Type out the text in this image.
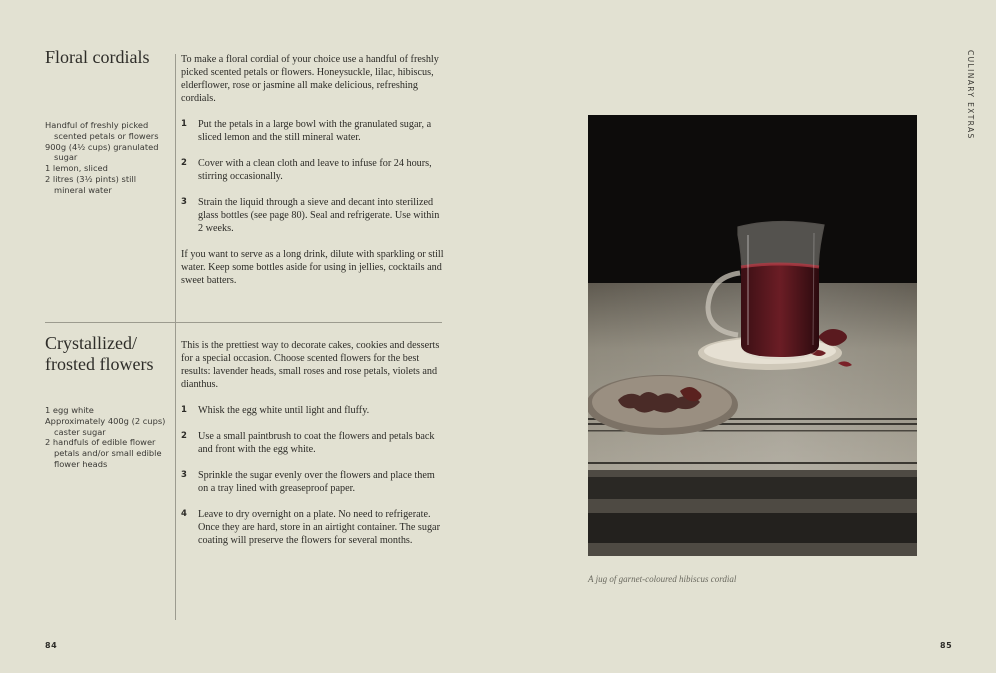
Floral cordials
Handful of freshly picked scented petals or flowers
900g (4½ cups) granulated sugar
1 lemon, sliced
2 litres (3½ pints) still mineral water

To make a floral cordial of your choice use a handful of freshly picked scented petals or flowers. Honeysuckle, lilac, hibiscus, elderflower, rose or jasmine all make delicious, refreshing cordials.

1	Put the petals in a large bowl with the granulated sugar, a sliced lemon and the still mineral water.
2	Cover with a clean cloth and leave to infuse for 24 hours, stirring occasionally.
3	Strain the liquid through a sieve and decant into sterilized glass bottles (see page 80). Seal and refrigerate. Use within 2 weeks.

If you want to serve as a long drink, dilute with sparkling or still water. Keep some bottles aside for using in jellies, cocktails and sweet batters.

Crystallized/ frosted flowers
1 egg white
Approximately 400g (2 cups) caster sugar
2 handfuls of edible flower petals and/or small edible flower heads

This is the prettiest way to decorate cakes, cookies and desserts for a special occasion. Choose scented flowers for the best results: lavender heads, small roses and rose petals, violets and dianthus.

1	Whisk the egg white until light and fluffy.
2	Use a small paintbrush to coat the flowers and petals back and front with the egg white.
3	Sprinkle the sugar evenly over the flowers and place them on a tray lined with greaseproof paper.
4	Leave to dry overnight on a plate. No need to refrigerate. Once they are hard, store in an airtight container. The sugar coating will preserve the flowers for several months.
CULINARY EXTRAS
A jug of garnet-coloured hibiscus cordial
84	85
